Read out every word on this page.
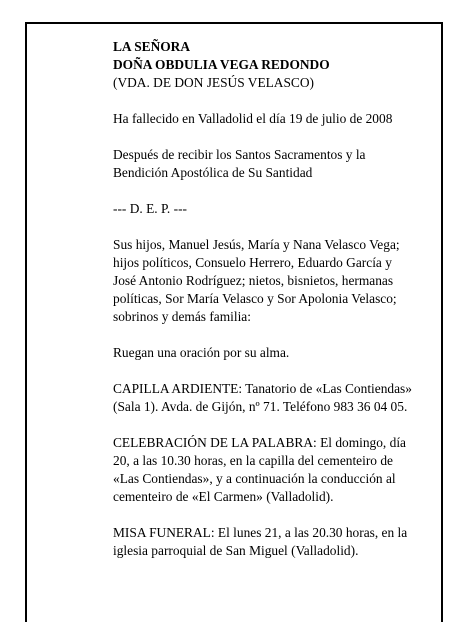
LA SEÑORA

DOÑA OBDULIA VEGA REDONDO

(VDA. DE DON JESÚS VELASCO)

Ha fallecido en Valladolid el día 19 de julio de 2008

Después de recibir los Santos Sacramentos y la

Bendición Apostólica de Su Santidad

--- D. E. P. ---

Sus hijos, Manuel Jesús, María y Nana Velasco Vega;

hijos políticos, Consuelo Herrero, Eduardo García y

José Antonio Rodríguez; nietos, bisnietos, hermanas

políticas, Sor María Velasco y Sor Apolonia Velasco;

sobrinos y demás familia:

Ruegan una oración por su alma.

CAPILLA ARDIENTE: Tanatorio de «Las Contiendas»

(Sala 1). Avda. de Gijón, nº 71. Teléfono 983 36 04 05.

CELEBRACIÓN DE LA PALABRA: El domingo, día

20, a las 10.30 horas, en la capilla del cementeiro de

«Las Contiendas», y a continuación la conducción al

cementeiro de «El Carmen» (Valladolid).

MISA FUNERAL: El lunes 21, a las 20.30 horas, en la

iglesia parroquial de San Miguel (Valladolid).
